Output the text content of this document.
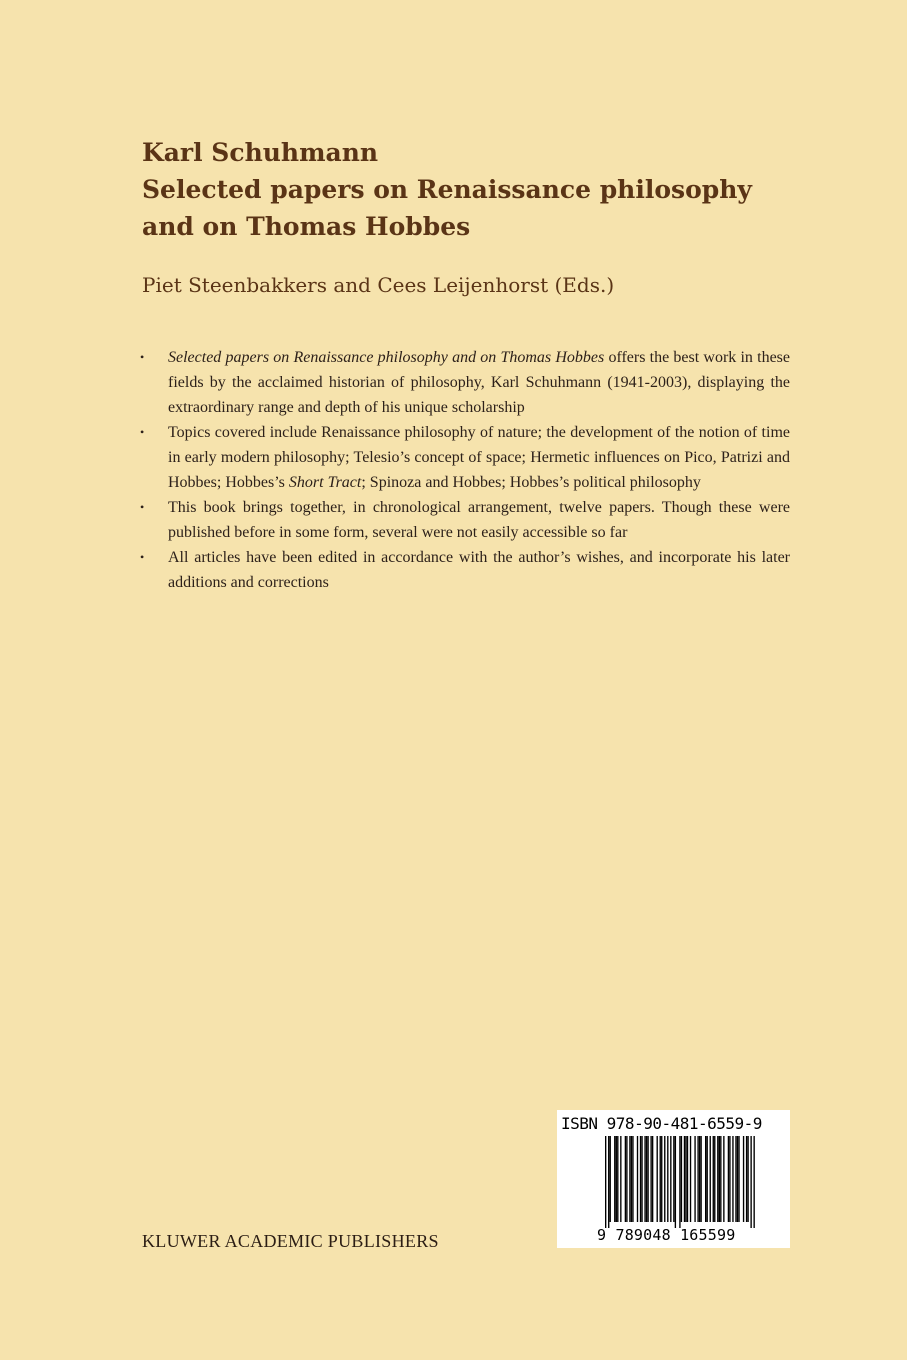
Karl Schuhmann

Selected papers on Renaissance philosophy

and on Thomas Hobbes

Piet Steenbakkers and Cees Leijenhorst (Eds.)
• Selected papers on Renaissance philosophy and on Thomas Hobbes offers the best work in these fields by the acclaimed historian of philosophy, Karl Schuhmann (1941-2003), displaying the extraordinary range and depth of his unique scholarship
• Topics covered include Renaissance philosophy of nature; the development of the notion of time in early modern philosophy; Telesio’s concept of space; Hermetic influences on Pico, Patrizi and Hobbes; Hobbes’s Short Tract; Spinoza and Hobbes; Hobbes’s political philosophy
• This book brings together, in chronological arrangement, twelve papers. Though these were published before in some form, several were not easily accessible so far
• All articles have been edited in accordance with the author’s wishes, and incorporate his later additions and corrections
KLUWER ACADEMIC PUBLISHERS
ISBN 978-90-481-6559-9
9 789048 165599
